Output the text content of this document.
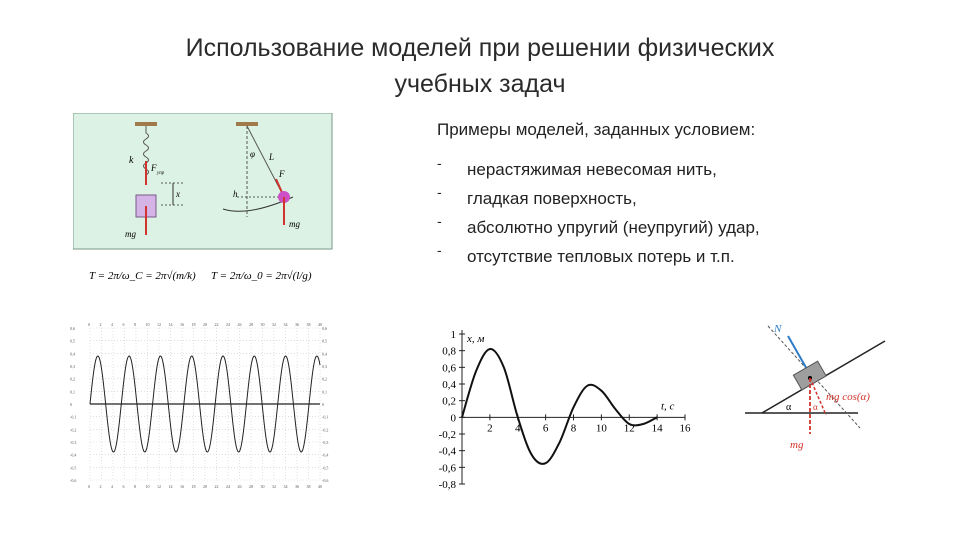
Использование моделей при решении физических
учебных задач

Примеры моделей, заданных условием:

- нерастяжимая невесомая нить,
- гладкая поверхность,
- абсолютно упругий (неупругий) удар,
- отсутствие тепловых потерь и т.п.
k
F
упр
x
mg
φ L
h
F
mg
T = 2π/ω_C = 2π√(m/k) T = 2π/ω_0 = 2π√(l/g)
0
0
2
2
4
4
6
6
8
8
10
10
12
12
14
14
16
16
18
18
20
20
22
22
24
24
26
26
28
28
30
30
32
32
34
34
36
36
38
38
40
40
0,6	0,6
0,5	0,5
0,4	0,4
0,3	0,3
0,2	0,2
0,1	0,1
0	0
-0,1	-0,1
-0,2	-0,2
-0,3	-0,3
-0,4	-0,4
-0,5	-0,5
-0,6	-0,6
1
0,8
0,6
0,4
0,2
0
-0,2
-0,4
-0,6
-0,8
2 4 6 8 10 12 14 16
x, м
t, c
N
α
mg
α
mg cos(α)
